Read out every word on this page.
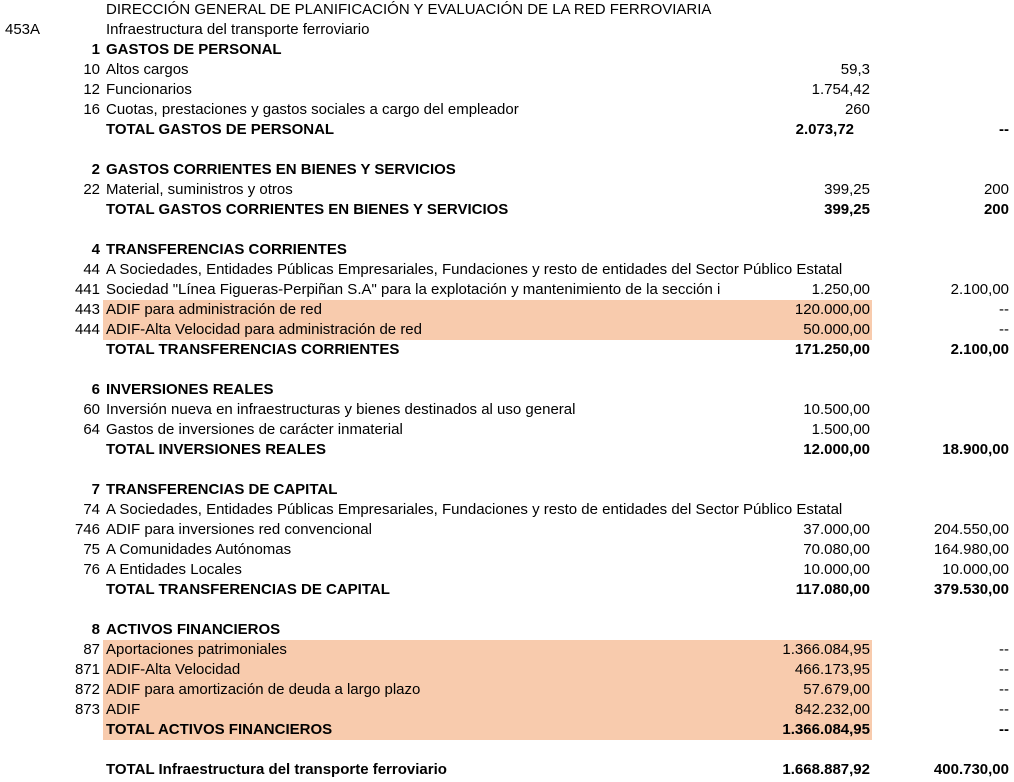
DIRECCIÓN GENERAL DE PLANIFICACIÓN Y EVALUACIÓN DE LA RED FERROVIARIA
453A	Infraestructura del transporte ferroviario
1 GASTOS DE PERSONAL
10 Altos cargos	59,3
12 Funcionarios	1.754,42
16 Cuotas, prestaciones y gastos sociales a cargo del empleador	260
TOTAL GASTOS DE PERSONAL	2.073,72	--
2 GASTOS CORRIENTES EN BIENES Y SERVICIOS
22 Material, suministros y otros	399,25	200
TOTAL GASTOS CORRIENTES EN BIENES Y SERVICIOS	399,25	200
4 TRANSFERENCIAS CORRIENTES
44 A Sociedades, Entidades Públicas Empresariales, Fundaciones y resto de entidades del Sector Público Estatal
441 Sociedad "Línea Figueras-Perpiñan S.A" para la explotación y mantenimiento de la sección i	1.250,00	2.100,00
443 ADIF para administración de red	120.000,00	--
444 ADIF-Alta Velocidad para administración de red	50.000,00	--
TOTAL TRANSFERENCIAS CORRIENTES	171.250,00	2.100,00
6 INVERSIONES REALES
60 Inversión nueva en infraestructuras y bienes destinados al uso general	10.500,00
64 Gastos de inversiones de carácter inmaterial	1.500,00
TOTAL INVERSIONES REALES	12.000,00	18.900,00
7 TRANSFERENCIAS DE CAPITAL
74 A Sociedades, Entidades Públicas Empresariales, Fundaciones y resto de entidades del Sector Público Estatal
746 ADIF para inversiones red convencional	37.000,00	204.550,00
75 A Comunidades Autónomas	70.080,00	164.980,00
76 A Entidades Locales	10.000,00	10.000,00
TOTAL TRANSFERENCIAS DE CAPITAL	117.080,00	379.530,00
8 ACTIVOS FINANCIEROS
87 Aportaciones patrimoniales	1.366.084,95	--
871 ADIF-Alta Velocidad	466.173,95	--
872 ADIF para amortización de deuda a largo plazo	57.679,00	--
873 ADIF	842.232,00	--
TOTAL ACTIVOS FINANCIEROS	1.366.084,95	--
TOTAL Infraestructura del transporte ferroviario	1.668.887,92	400.730,00
